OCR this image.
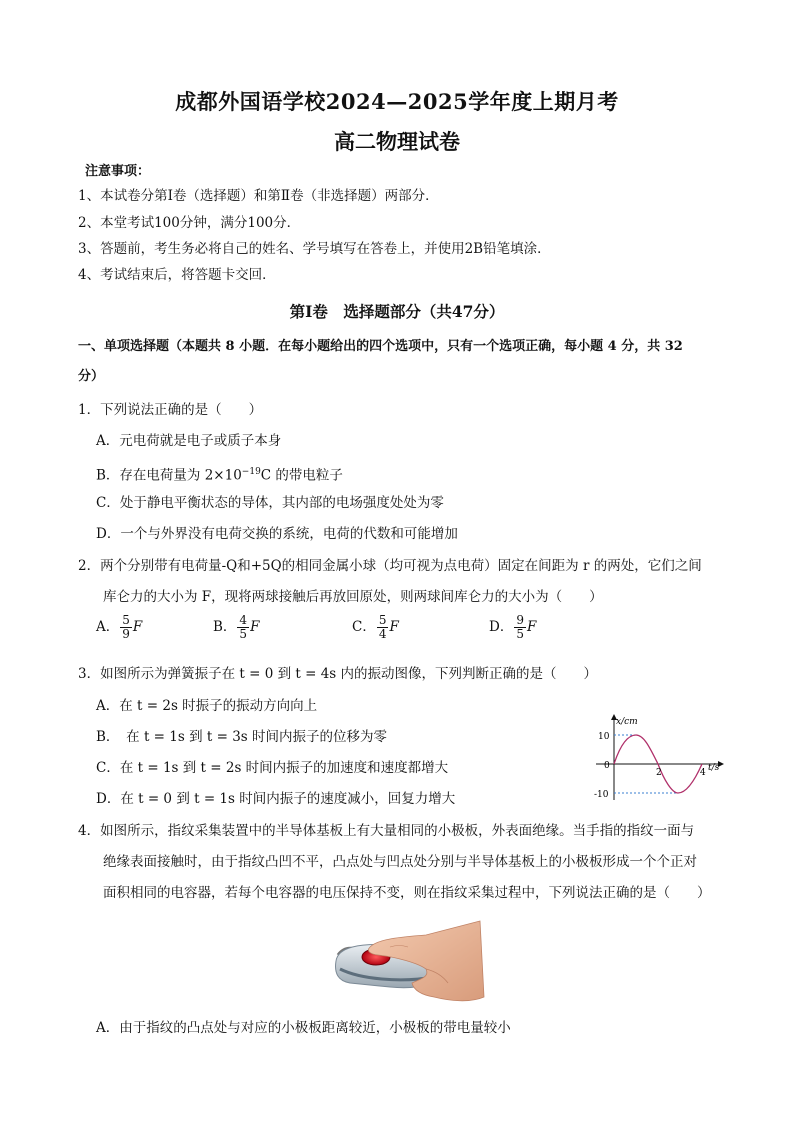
成都外国语学校2024—2025学年度上期月考
高二物理试卷
注意事项：
1、本试卷分第Ⅰ卷（选择题）和第Ⅱ卷（非选择题）两部分．
2、本堂考试100分钟，满分100分．
3、答题前，考生务必将自己的姓名、学号填写在答卷上，并使用2B铅笔填涂．
4、考试结束后，将答题卡交回．
第Ⅰ卷　选择题部分（共47分）
一、单项选择题（本题共 8 小题．在每小题给出的四个选项中，只有一个选项正确，每小题 4 分，共 32
分）
1．下列说法正确的是（　　）
A．元电荷就是电子或质子本身
B．存在电荷量为 $2\times 10^{-19}C$ 的带电粒子
C．处于静电平衡状态的导体，其内部的电场强度处处为零
D．一个与外界没有电荷交换的系统，电荷的代数和可能增加
2．两个分别带有电荷量-Q和+5Q的相同金属小球（均可视为点电荷）固定在间距为 r 的两处，它们之间
库仑力的大小为 F，现将两球接触后再放回原处，则两球间库仑力的大小为（　　）
A． $\frac{5}{9}$ F	B． $\frac{4}{5}$ F	C． $\frac{5}{4}$ F	D． $\frac{9}{5}$ F
3．如图所示为弹簧振子在 t = 0 到 t = 4s 内的振动图像，下列判断正确的是（　　）
A．在 t = 2s 时振子的振动方向向上
B．　在 t = 1s 到 t = 3s 时间内振子的位移为零
C．在 t = 1s 到 t = 2s 时间内振子的加速度和速度都增大
D．在 t = 0 到 t = 1s 时间内振子的速度减小，回复力增大
x/cm
t/s
10
-10
0
2	4
4．如图所示，指纹采集装置中的半导体基板上有大量相同的小极板，外表面绝缘。当手指的指纹一面与
绝缘表面接触时，由于指纹凸凹不平，凸点处与凹点处分别与半导体基板上的小极板形成一个个正对
面积相同的电容器，若每个电容器的电压保持不变，则在指纹采集过程中，下列说法正确的是（　　）
A．由于指纹的凸点处与对应的小极板距离较近，小极板的带电量较小
